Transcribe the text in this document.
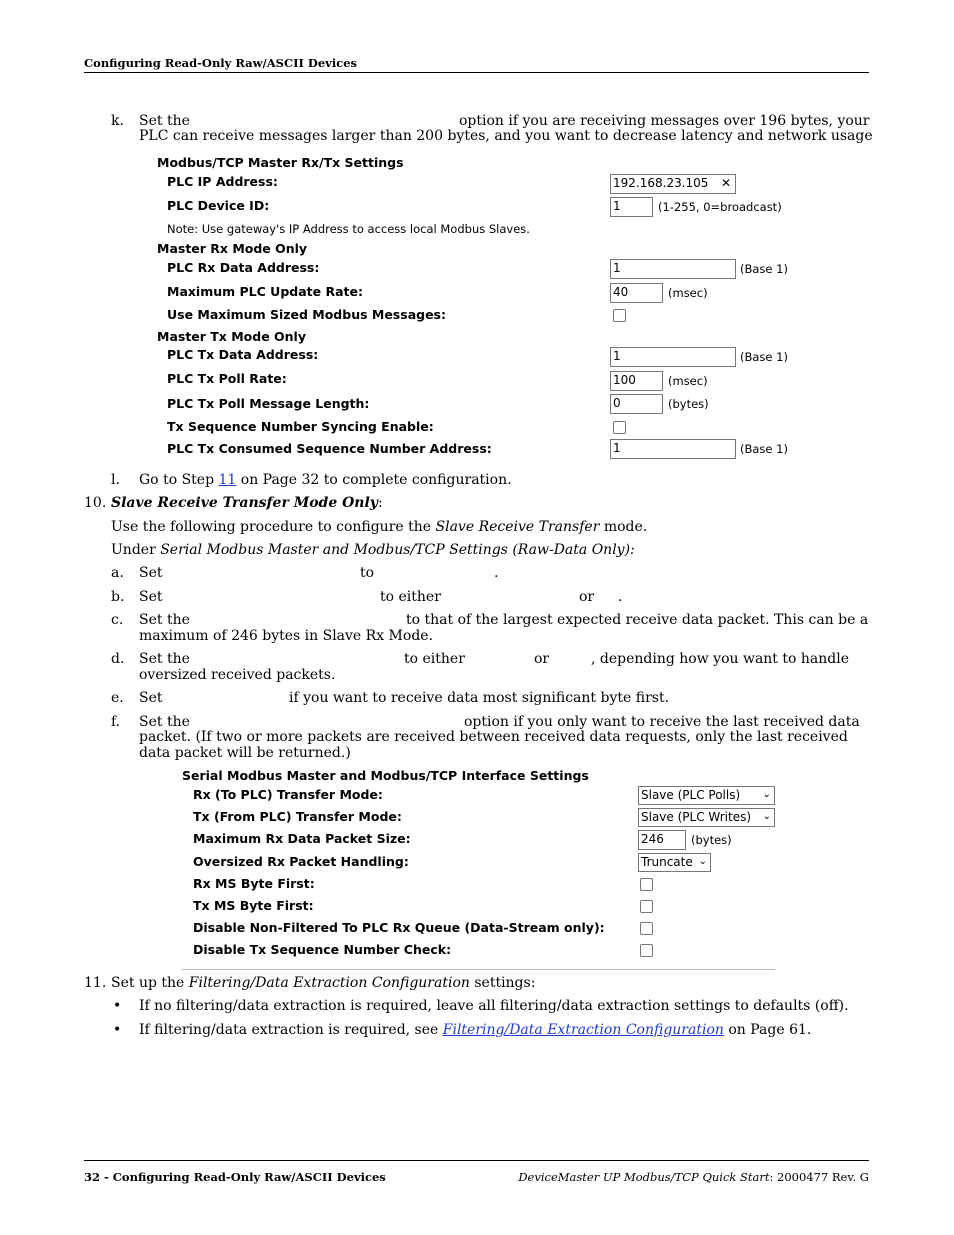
Configuring Read-Only Raw/ASCII Devices
k. Set the	option if you are receiving messages over 196 bytes, your
PLC can receive messages larger than 200 bytes, and you want to decrease latency and network usage
Modbus/TCP Master Rx/Tx Settings
PLC IP Address:	192.168.23.105 ✕
PLC Device ID:	1	(1-255, 0=broadcast)
Note: Use gateway's IP Address to access local Modbus Slaves.
Master Rx Mode Only
PLC Rx Data Address:	1	(Base 1)
Maximum PLC Update Rate:	40	(msec)
Use Maximum Sized Modbus Messages:
Master Tx Mode Only
PLC Tx Data Address:	1	(Base 1)
PLC Tx Poll Rate:	100	(msec)
PLC Tx Poll Message Length:	0	(bytes)
Tx Sequence Number Syncing Enable:
PLC Tx Consumed Sequence Number Address:	1	(Base 1)
l. Go to Step 11 on Page 32 to complete configuration.
10. Slave Receive Transfer Mode Only:
Use the following procedure to configure the Slave Receive Transfer mode.
Under Serial Modbus Master and Modbus/TCP Settings (Raw-Data Only):
a. Set	to	.
b. Set	to either	or .
c. Set the	to that of the largest expected receive data packet. This can be a
maximum of 246 bytes in Slave Rx Mode.
d. Set the	to either	or	, depending how you want to handle
oversized received packets.
e. Set	if you want to receive data most significant byte first.
f. Set the	option if you only want to receive the last received data
packet. (If two or more packets are received between received data requests, only the last received
data packet will be returned.)
Serial Modbus Master and Modbus/TCP Interface Settings
Rx (To PLC) Transfer Mode:	Slave (PLC Polls) ⌄
Tx (From PLC) Transfer Mode:	Slave (PLC Writes) ⌄
Maximum Rx Data Packet Size:	246	(bytes)
Oversized Rx Packet Handling:	Truncate ⌄
Rx MS Byte First:
Tx MS Byte First:
Disable Non-Filtered To PLC Rx Queue (Data-Stream only):
Disable Tx Sequence Number Check:
11. Set up the Filtering/Data Extraction Configuration settings:
• If no filtering/data extraction is required, leave all filtering/data extraction settings to defaults (off).
• If filtering/data extraction is required, see Filtering/Data Extraction Configuration on Page 61.
32 - Configuring Read-Only Raw/ASCII Devices	DeviceMaster UP Modbus/TCP Quick Start: 2000477 Rev. G
